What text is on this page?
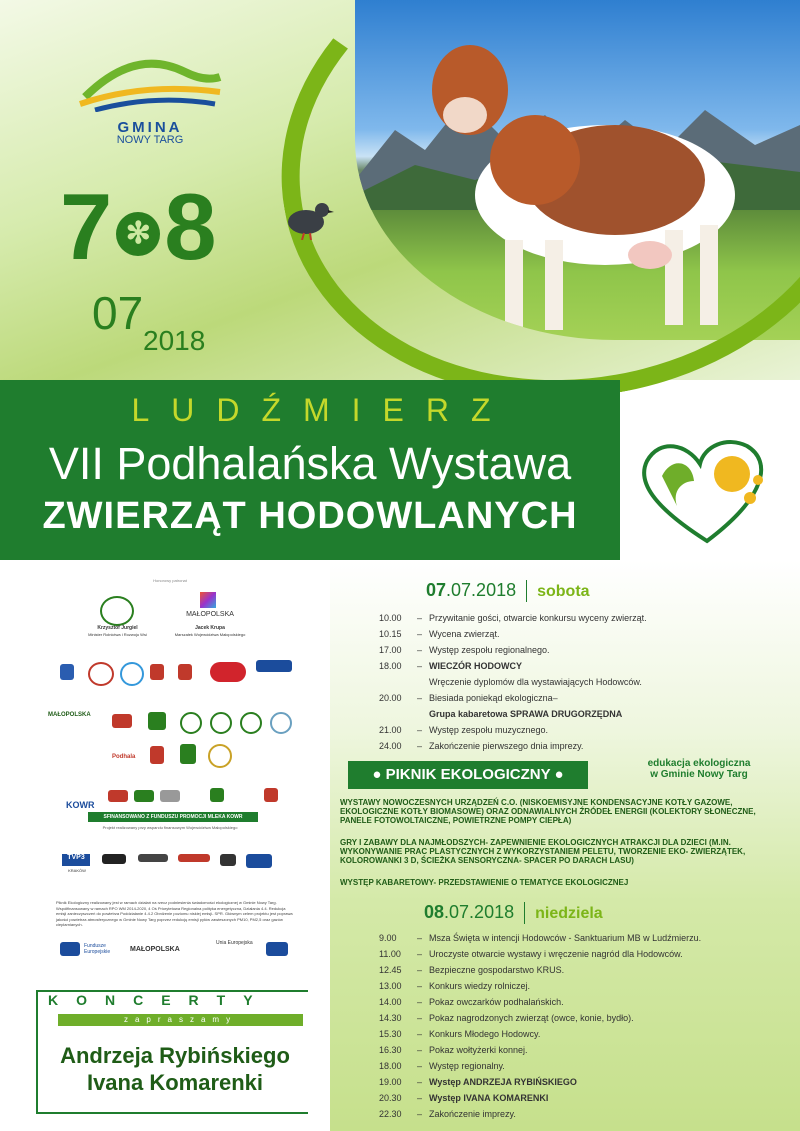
GMINA
NOWY TARG
7 ✻ 8
07
2018
LUDŹMIERZ
VII Podhalańska Wystawa
ZWIERZĄT HODOWLANYCH
Honorowy patronat
Krzysztof Jurgiel
Minister Rolnictwa i Rozwoju Wsi
MAŁOPOLSKA
Jacek Krupa
Marszałek Województwa Małopolskiego
MAŁOPOLSKA
Podhala
KOWR
SFINANSOWANO Z FUNDUSZU PROMOCJI MLEKA KOWR
Projekt realizowany przy wsparciu finansowym Województwa Małopolskiego
TVP3
KRAKÓW
Piknik Ekologiczny realizowany jest w ramach działań na rzecz podniesienia świadomości ekologicznej w Gminie Nowy Targ. Współfinansowany w ramach RPO WM 2014-2020, 4 Oś Priorytetowa Regionalna polityka energetyczna, Działania 4.4. Redukcja emisji zanieczyszczeń do powietrza Poddziałanie 4.4.2 Obniżenie poziomu niskiej emisji- SPR. Głównym celem projektu jest poprawa jakości powietrza atmosferycznego w Gminie Nowy Targ poprzez redukcję emisji pyłów zawieszonych PM10, PM2,5 oraz gazów cieplarnianych.
Fundusze Europejskie	MAŁOPOLSKA
Unia Europejska
07.07.2018 sobota
10.00	– Przywitanie gości, otwarcie konkursu wyceny zwierząt.
10.15	– Wycena zwierząt.
17.00	– Występ zespołu regionalnego.
18.00	– WIECZÓR HODOWCY
Wręczenie dyplomów dla wystawiających Hodowców.
20.00	– Biesiada poniekąd ekologiczna–
Grupa kabaretowa SPRAWA DRUGORZĘDNA
21.00	– Występ zespołu muzycznego.
24.00	– Zakończenie pierwszego dnia imprezy.
● PIKNIK EKOLOGICZNY ●
edukacja ekologiczna
w Gminie Nowy Targ
WYSTAWY NOWOCZESNYCH URZĄDZEŃ C.O. (NISKOEMISYJNE KONDENSACYJNE KOTŁY GAZOWE, EKOLOGICZNE KOTŁY BIOMASOWE) ORAZ ODNAWIALNYCH ŹRÓDEŁ ENERGII (KOLEKTORY SŁONECZNE, PANELE FOTOWOLTAICZNE, POWIETRZNE POMPY CIEPŁA)
GRY I ZABAWY DLA NAJMŁODSZYCH- ZAPEWNIENIE EKOLOGICZNYCH ATRAKCJI DLA DZIECI (M.IN. WYKONYWANIE PRAC PLASTYCZNYCH Z WYKORZYSTANIEM PELETU, TWORZENIE EKO- ZWIERZĄTEK, KOLOROWANKI 3 D, ŚCIEŻKA SENSORYCZNA- SPACER PO DARACH LASU)
WYSTĘP KABARETOWY- PRZEDSTAWIENIE O TEMATYCE EKOLOGICZNEJ
08.07.2018 niedziela
9.00	– Msza Święta w intencji Hodowców - Sanktuarium MB w Ludźmierzu.
11.00	– Uroczyste otwarcie wystawy i wręczenie nagród dla Hodowców.
12.45	– Bezpieczne gospodarstwo KRUS.
13.00	– Konkurs wiedzy rolniczej.
14.00	– Pokaz owczarków podhalańskich.
14.30	– Pokaz nagrodzonych zwierząt (owce, konie, bydło).
15.30	– Konkurs Młodego Hodowcy.
16.30	– Pokaz wołtyżerki konnej.
18.00	– Występ regionalny.
19.00	– Występ ANDRZEJA RYBIŃSKIEGO
20.30	– Występ IVANA KOMARENKI
22.30	– Zakończenie imprezy.
KONCERTY
zapraszamy
Andrzeja Rybińskiego
Ivana Komarenki
